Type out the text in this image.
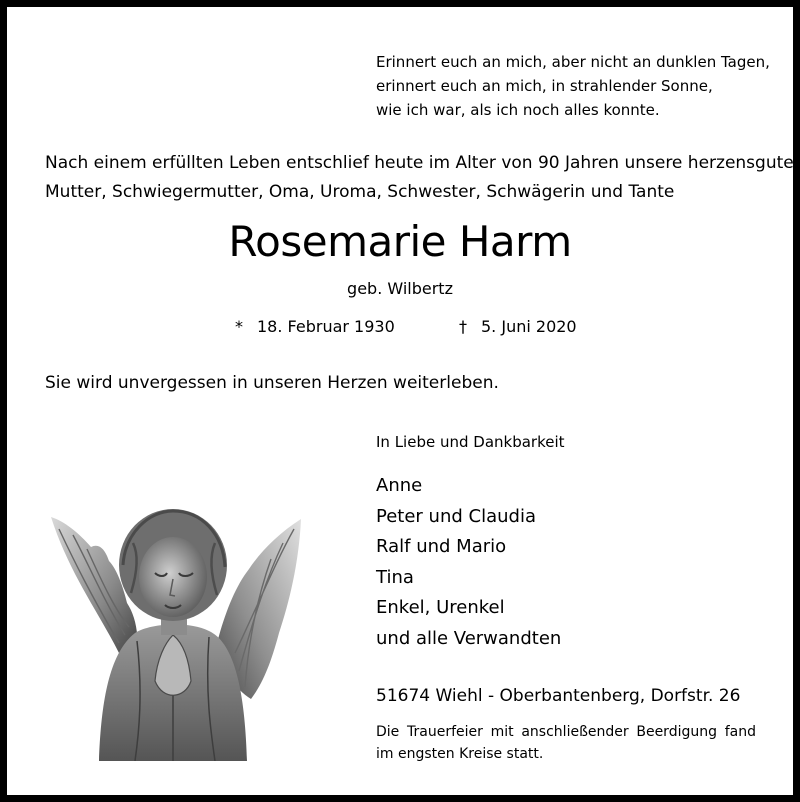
Erinnert euch an mich, aber nicht an dunklen Tagen,
erinnert euch an mich, in strahlender Sonne,
wie ich war, als ich noch alles konnte.
Nach einem erfüllten Leben entschlief heute im Alter von 90 Jahren unsere herzensgute
Mutter, Schwiegermutter, Oma, Uroma, Schwester, Schwägerin und Tante
Rosemarie Harm
geb. Wilbertz
* 18. Februar 1930	† 5. Juni 2020
Sie wird unvergessen in unseren Herzen weiterleben.
In Liebe und Dankbarkeit
Anne
Peter und Claudia
Ralf und Mario
Tina
Enkel, Urenkel
und alle Verwandten
51674 Wiehl - Oberbantenberg, Dorfstr. 26
Die Trauerfeier mit anschließender Beerdigung fand
im engsten Kreise statt.
